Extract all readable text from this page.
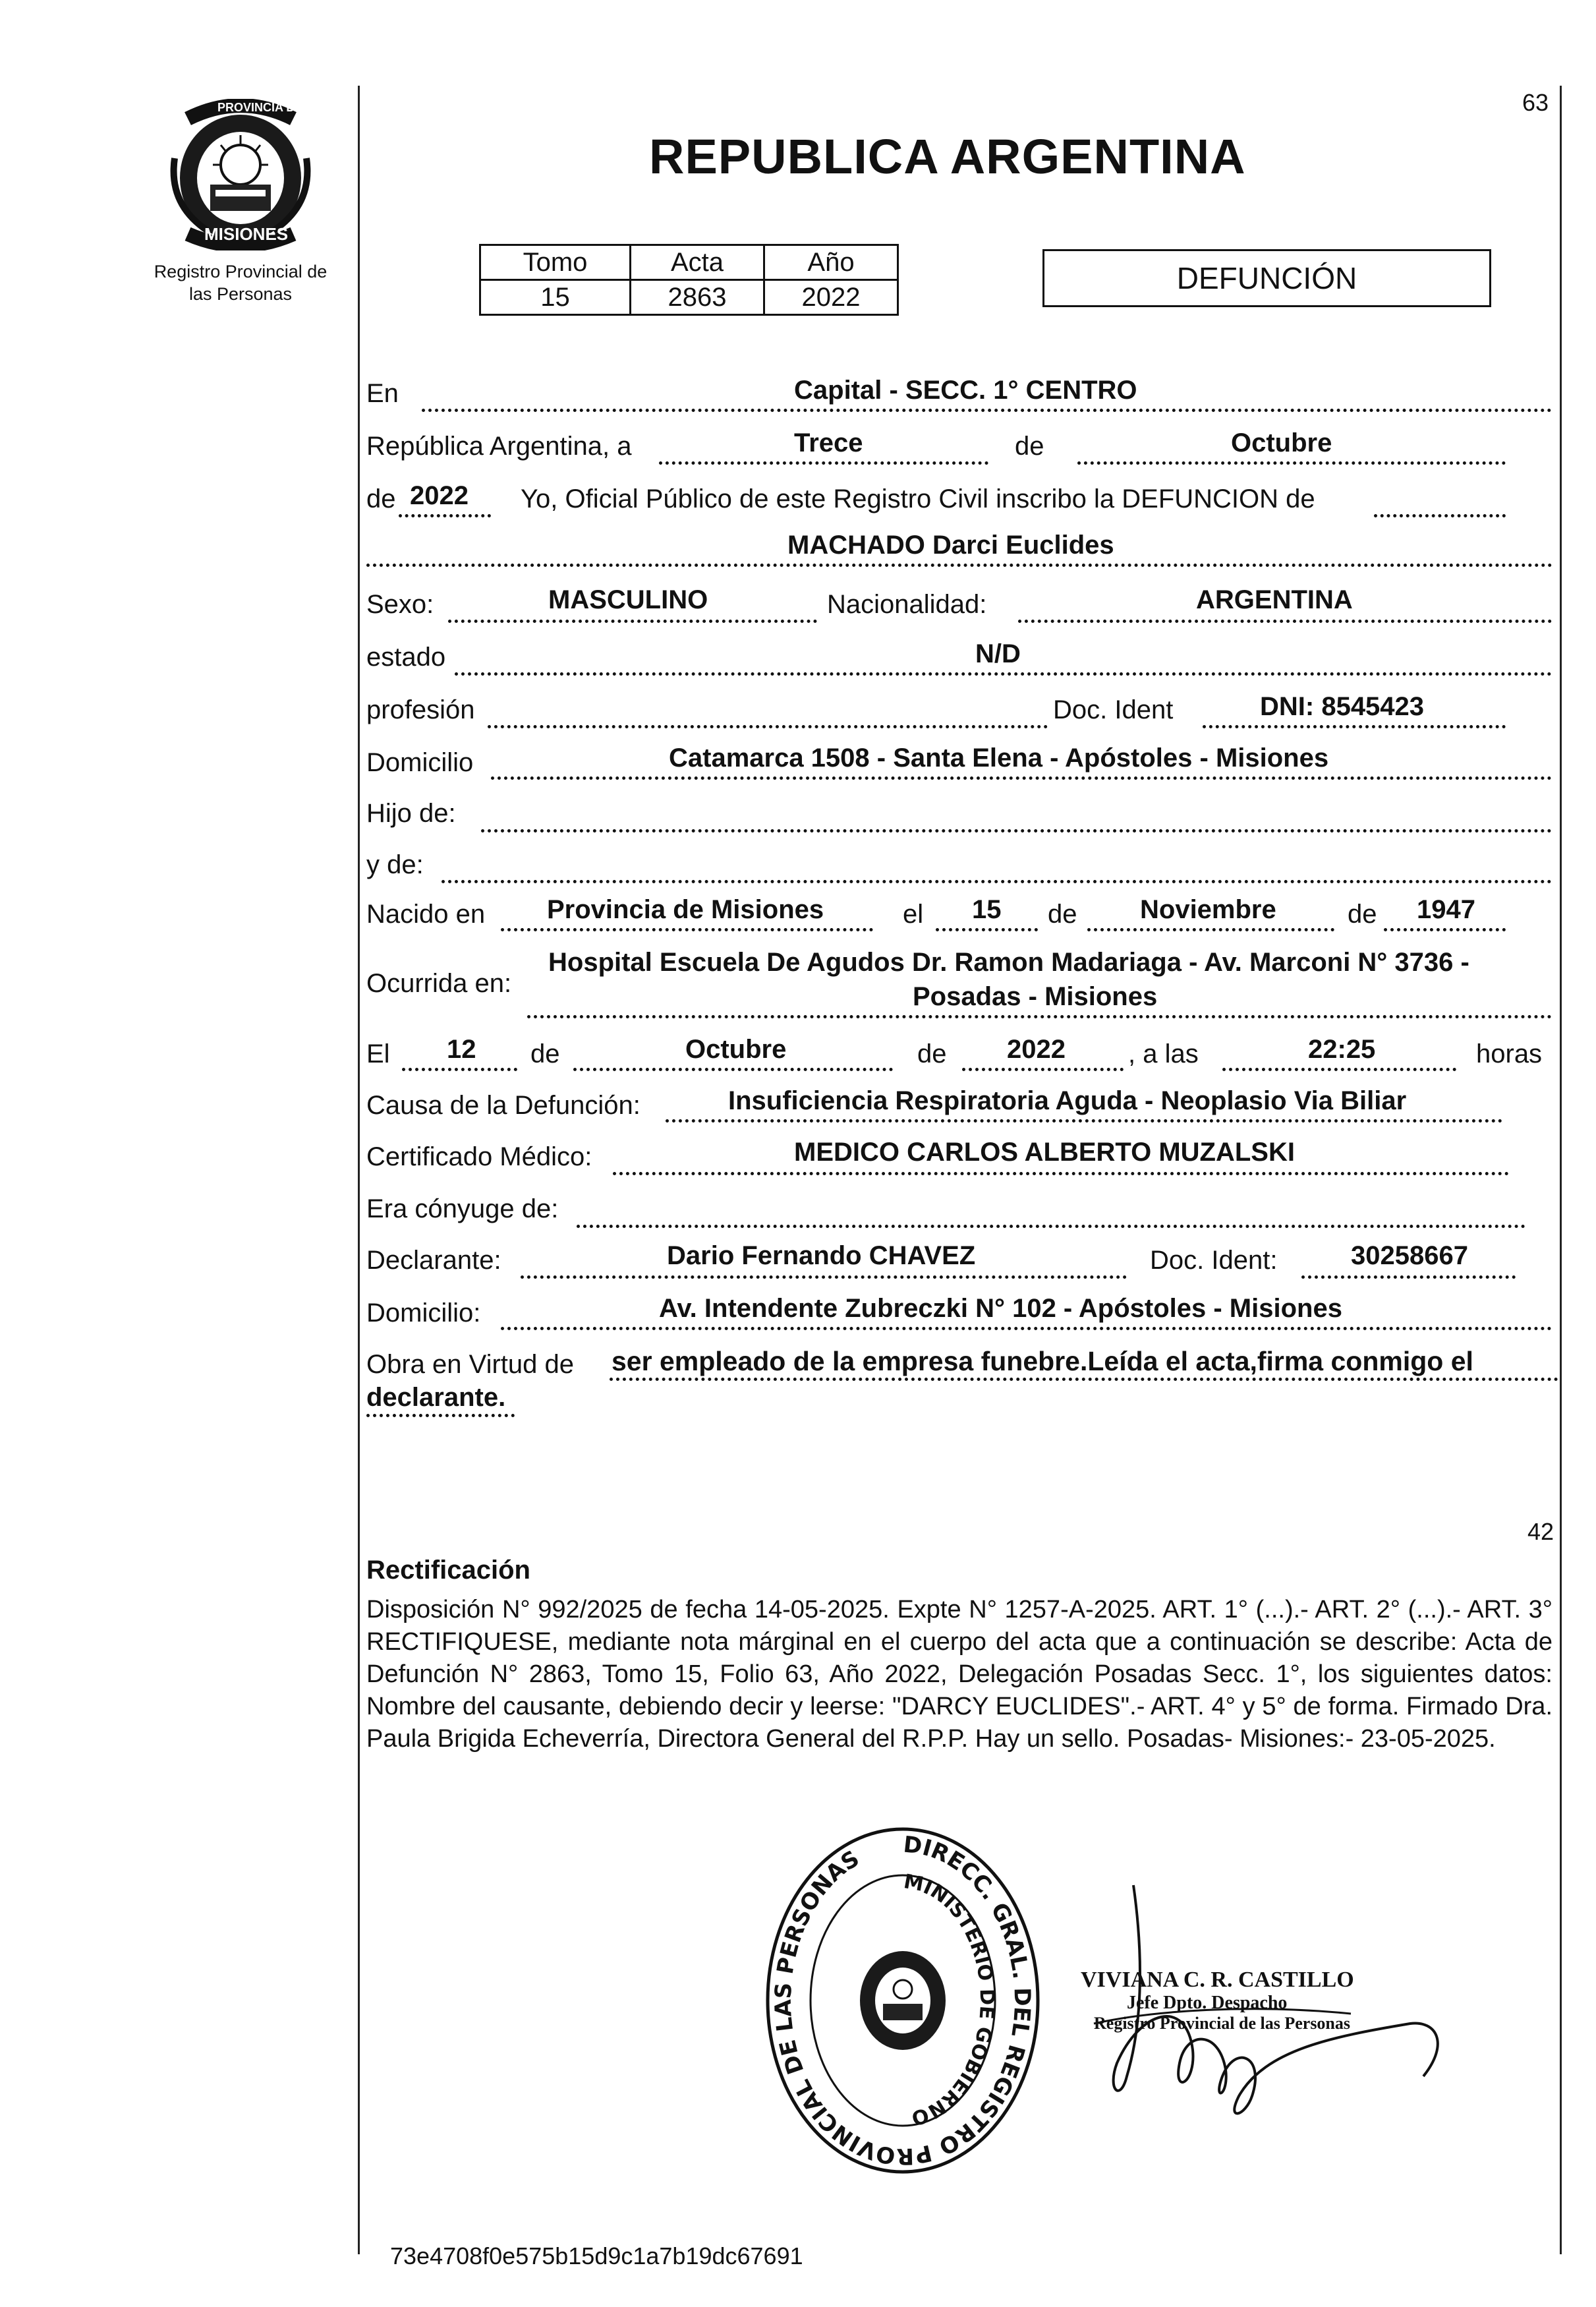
PROVINCIA DE
MISIONES
Registro Provincial de
las Personas
REPUBLICA ARGENTINA
63
Tomo	Acta	Año
15	2863	2022
DEFUNCIÓN
En	Capital - SECC. 1° CENTRO
República Argentina, a	Trece	de	Octubre
de 2022 Yo, Oficial Público de este Registro Civil inscribo la DEFUNCION de
MACHADO Darci Euclides
Sexo:	MASCULINO	Nacionalidad:	ARGENTINA
estado	N/D
profesión	Doc. Ident	DNI: 8545423
Domicilio	Catamarca 1508 - Santa Elena - Apóstoles - Misiones
Hijo de:
y de:
Nacido en Provincia de Misiones	el 15 de Noviembre	de 1947
Ocurrida en:
Hospital Escuela De Agudos Dr. Ramon Madariaga - Av. Marconi N° 3736 -
Posadas - Misiones
El 12 de	Octubre	de 2022 , a las	22:25	horas
Causa de la Defunción:	Insuficiencia Respiratoria Aguda - Neoplasio Via Biliar
Certificado Médico:	MEDICO CARLOS ALBERTO MUZALSKI
Era cónyuge de:
Declarante:	Dario Fernando CHAVEZ	Doc. Ident:	30258667
Domicilio:	Av. Intendente Zubreczki N° 102 - Apóstoles - Misiones
Obra en Virtud de ser empleado de la empresa funebre.Leída el acta,firma conmigo el
declarante.
42
Rectificación
Disposición N° 992/2025 de fecha 14-05-2025. Expte N° 1257-A-2025. ART. 1° (...).- ART. 2° (...).- ART. 3° RECTIFIQUESE, mediante nota márginal en el cuerpo del acta que a continuación se describe: Acta de Defunción N° 2863, Tomo 15, Folio 63, Año 2022, Delegación Posadas Secc. 1°, los siguientes datos: Nombre del causante, debiendo decir y leerse: "DARCY EUCLIDES".- ART. 4° y 5° de forma. Firmado Dra. Paula Brigida Echeverría, Directora General del R.P.P. Hay un sello. Posadas- Misiones:- 23-05-2025.
DIRECC. GRAL. DEL REGISTRO PROVINCIAL DE LAS PERSONAS
MINISTERIO DE GOBIERNO
VIVIANA C. R. CASTILLO
Jefe Dpto. Despacho
Registro Provincial de las Personas
73e4708f0e575b15d9c1a7b19dc67691
